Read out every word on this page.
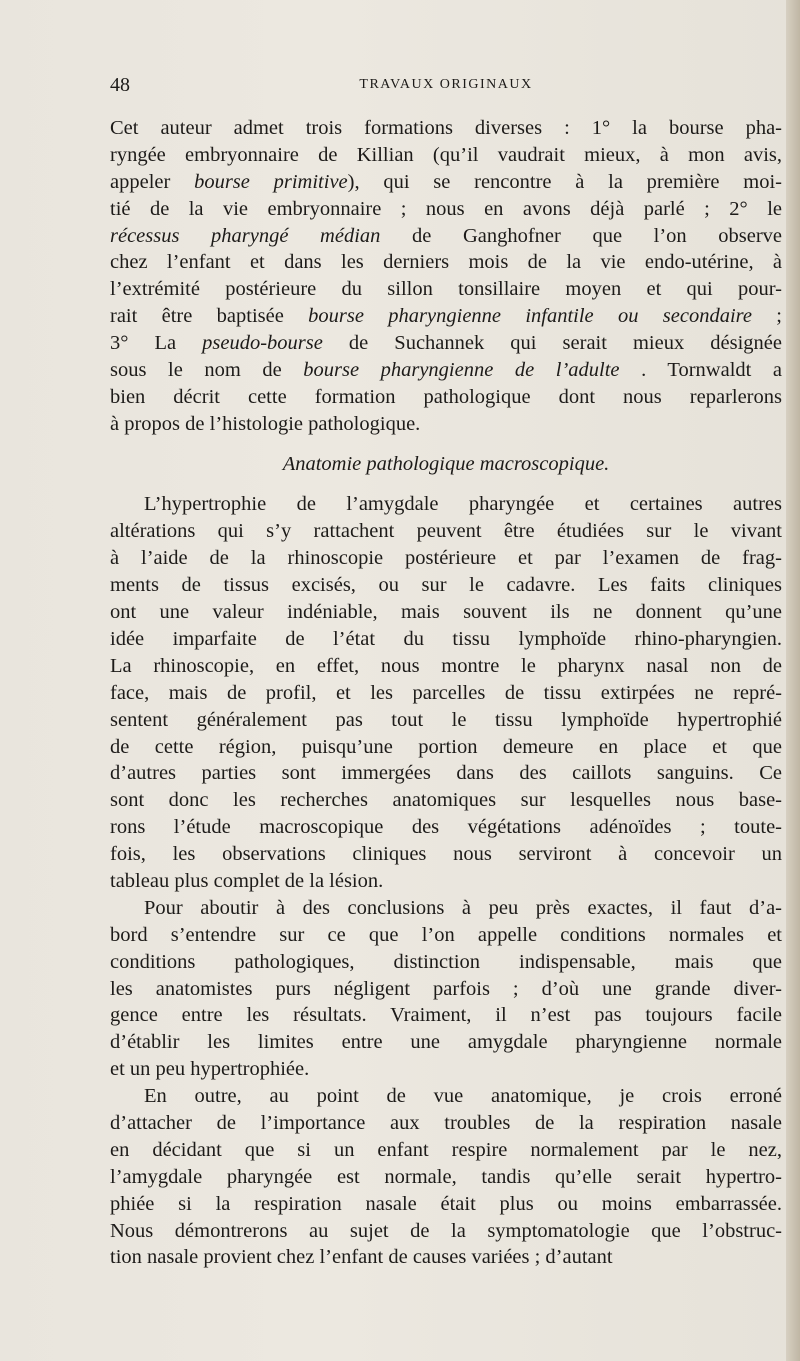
48	TRAVAUX ORIGINAUX
Cet auteur admet trois formations diverses : 1° la bourse pha-
ryngée embryonnaire de Killian (qu’il vaudrait mieux, à mon avis,
appeler bourse primitive), qui se rencontre à la première moi-
tié de la vie embryonnaire ; nous en avons déjà parlé ; 2° le
récessus pharyngé médian de Ganghofner que l’on observe
chez l’enfant et dans les derniers mois de la vie endo-utérine, à
l’extrémité postérieure du sillon tonsillaire moyen et qui pour-
rait être baptisée bourse pharyngienne infantile ou secondaire ;
3° La pseudo-bourse de Suchannek qui serait mieux désignée
sous le nom de bourse pharyngienne de l’adulte . Tornwaldt a
bien décrit cette formation pathologique dont nous reparlerons
à propos de l’histologie pathologique.
Anatomie pathologique macroscopique.
L’hypertrophie de l’amygdale pharyngée et certaines autres
altérations qui s’y rattachent peuvent être étudiées sur le vivant
à l’aide de la rhinoscopie postérieure et par l’examen de frag-
ments de tissus excisés, ou sur le cadavre. Les faits cliniques
ont une valeur indéniable, mais souvent ils ne donnent qu’une
idée imparfaite de l’état du tissu lymphoïde rhino-pharyngien.
La rhinoscopie, en effet, nous montre le pharynx nasal non de
face, mais de profil, et les parcelles de tissu extirpées ne repré-
sentent généralement pas tout le tissu lymphoïde hypertrophié
de cette région, puisqu’une portion demeure en place et que
d’autres parties sont immergées dans des caillots sanguins. Ce
sont donc les recherches anatomiques sur lesquelles nous base-
rons l’étude macroscopique des végétations adénoïdes ; toute-
fois, les observations cliniques nous serviront à concevoir un
tableau plus complet de la lésion.
Pour aboutir à des conclusions à peu près exactes, il faut d’a-
bord s’entendre sur ce que l’on appelle conditions normales et
conditions pathologiques, distinction indispensable, mais que
les anatomistes purs négligent parfois ; d’où une grande diver-
gence entre les résultats. Vraiment, il n’est pas toujours facile
d’établir les limites entre une amygdale pharyngienne normale
et un peu hypertrophiée.
En outre, au point de vue anatomique, je crois erroné
d’attacher de l’importance aux troubles de la respiration nasale
en décidant que si un enfant respire normalement par le nez,
l’amygdale pharyngée est normale, tandis qu’elle serait hypertro-
phiée si la respiration nasale était plus ou moins embarrassée.
Nous démontrerons au sujet de la symptomatologie que l’obstruc-
tion nasale provient chez l’enfant de causes variées ; d’autant
